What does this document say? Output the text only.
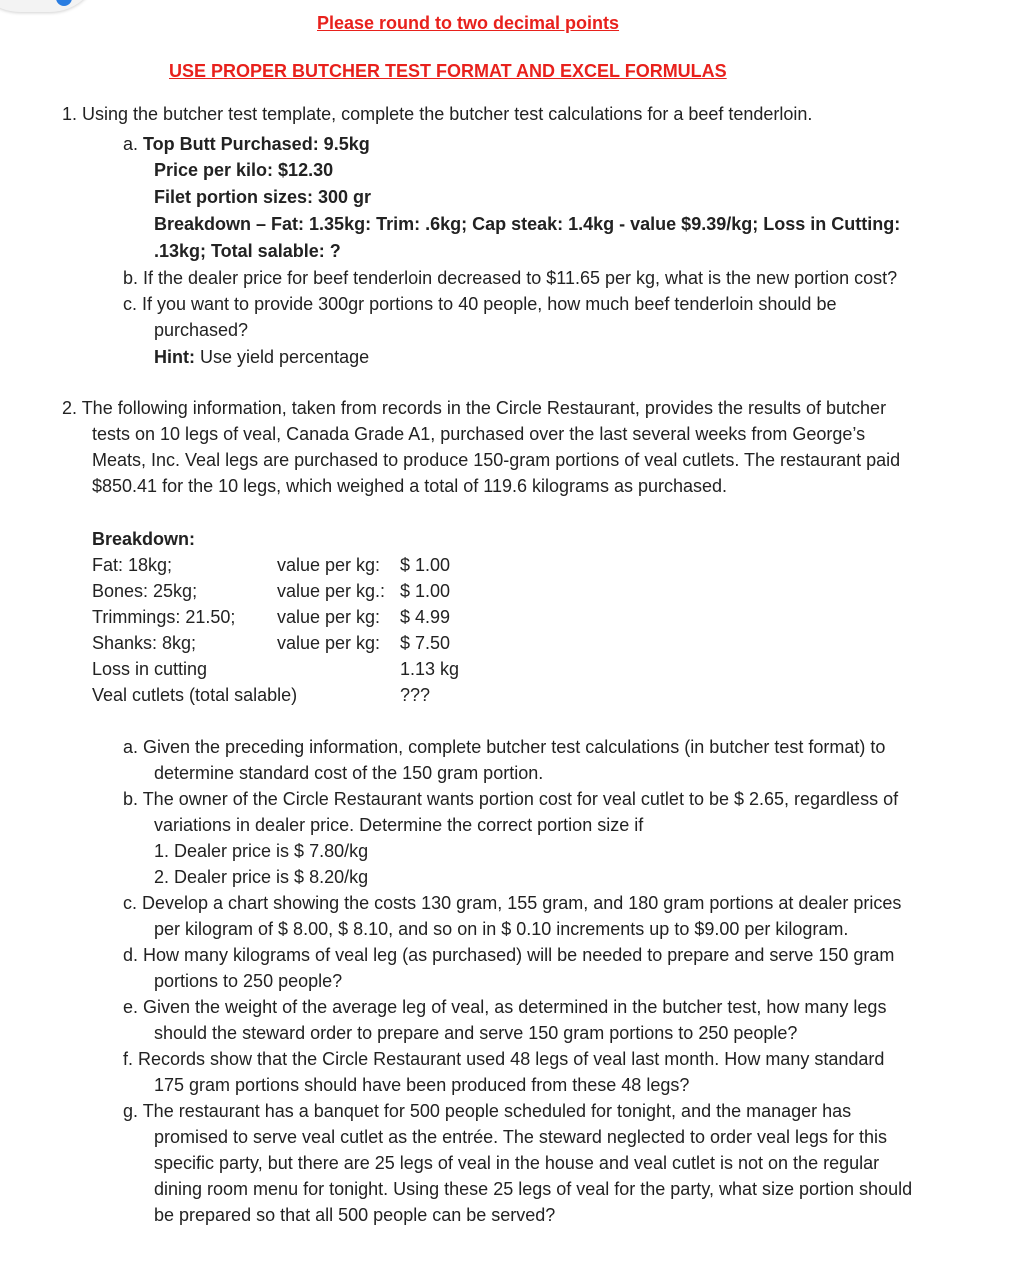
Please round to two decimal points
USE PROPER BUTCHER TEST FORMAT AND EXCEL FORMULAS
1. Using the butcher test template, complete the butcher test calculations for a beef tenderloin.
a. Top Butt Purchased: 9.5kg
Price per kilo: $12.30
Filet portion sizes: 300 gr
Breakdown – Fat: 1.35kg: Trim: .6kg; Cap steak: 1.4kg - value $9.39/kg; Loss in Cutting:
.13kg; Total salable: ?
b. If the dealer price for beef tenderloin decreased to $11.65 per kg, what is the new portion cost?
c. If you want to provide 300gr portions to 40 people, how much beef tenderloin should be
purchased?
Hint: Use yield percentage
2. The following information, taken from records in the Circle Restaurant, provides the results of butcher
tests on 10 legs of veal, Canada Grade A1, purchased over the last several weeks from George’s
Meats, Inc. Veal legs are purchased to produce 150-gram portions of veal cutlets. The restaurant paid
$850.41 for the 10 legs, which weighed a total of 119.6 kilograms as purchased.
Breakdown:
Fat: 18kg;	value per kg: $ 1.00
Bones: 25kg;	value per kg.: $ 1.00
Trimmings: 21.50; value per kg: $ 4.99
Shanks: 8kg;	value per kg: $ 7.50
Loss in cutting	1.13 kg
Veal cutlets (total salable)	???
a. Given the preceding information, complete butcher test calculations (in butcher test format) to
determine standard cost of the 150 gram portion.
b. The owner of the Circle Restaurant wants portion cost for veal cutlet to be $ 2.65, regardless of
variations in dealer price. Determine the correct portion size if
1. Dealer price is $ 7.80/kg
2. Dealer price is $ 8.20/kg
c. Develop a chart showing the costs 130 gram, 155 gram, and 180 gram portions at dealer prices
per kilogram of $ 8.00, $ 8.10, and so on in $ 0.10 increments up to $9.00 per kilogram.
d. How many kilograms of veal leg (as purchased) will be needed to prepare and serve 150 gram
portions to 250 people?
e. Given the weight of the average leg of veal, as determined in the butcher test, how many legs
should the steward order to prepare and serve 150 gram portions to 250 people?
f. Records show that the Circle Restaurant used 48 legs of veal last month. How many standard
175 gram portions should have been produced from these 48 legs?
g. The restaurant has a banquet for 500 people scheduled for tonight, and the manager has
promised to serve veal cutlet as the entrée. The steward neglected to order veal legs for this
specific party, but there are 25 legs of veal in the house and veal cutlet is not on the regular
dining room menu for tonight. Using these 25 legs of veal for the party, what size portion should
be prepared so that all 500 people can be served?
